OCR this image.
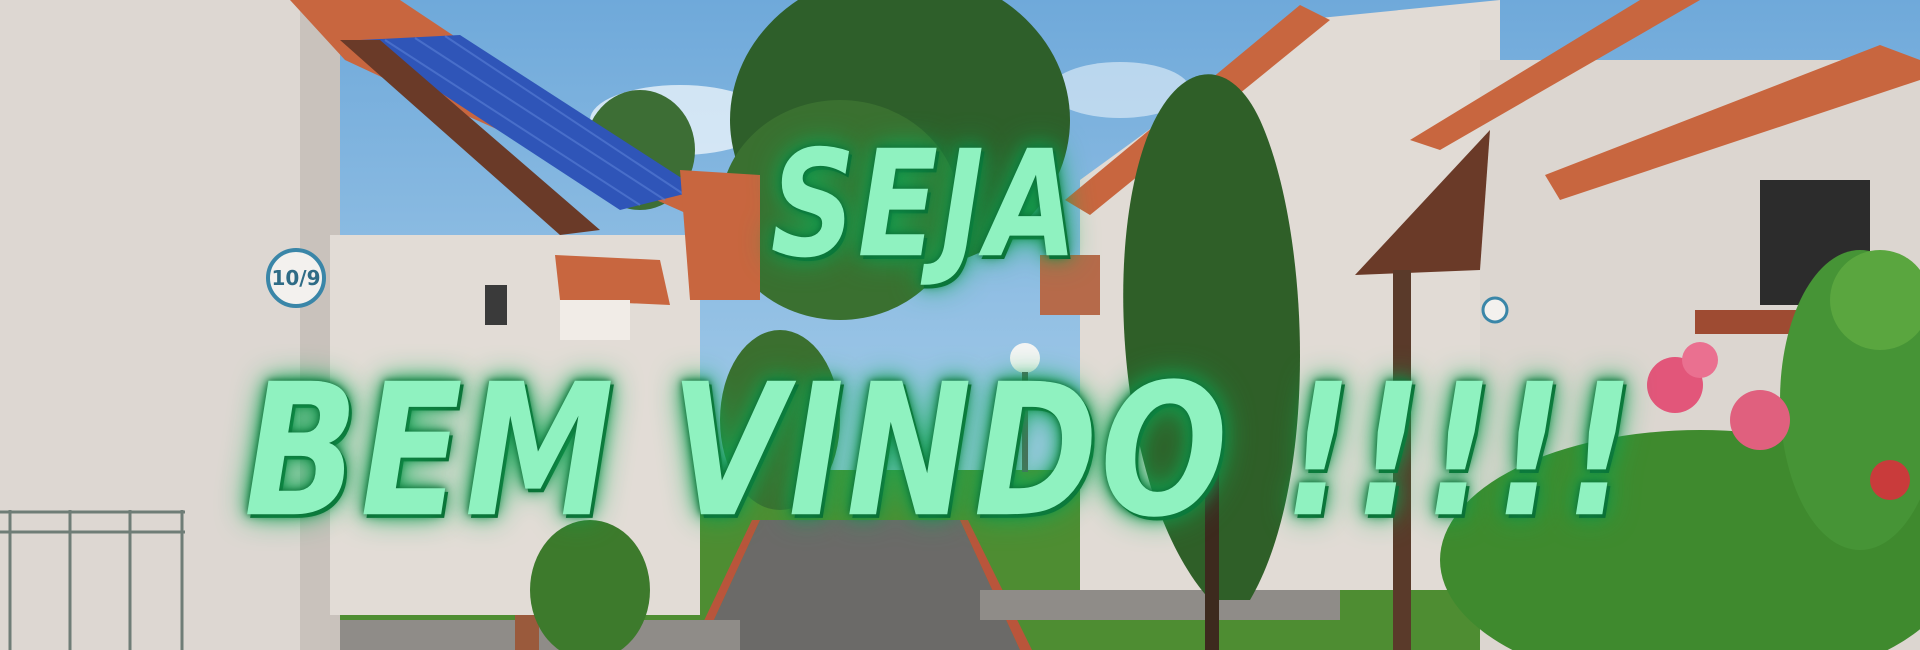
10/9	SEJA
BEM VINDO !!!!!
